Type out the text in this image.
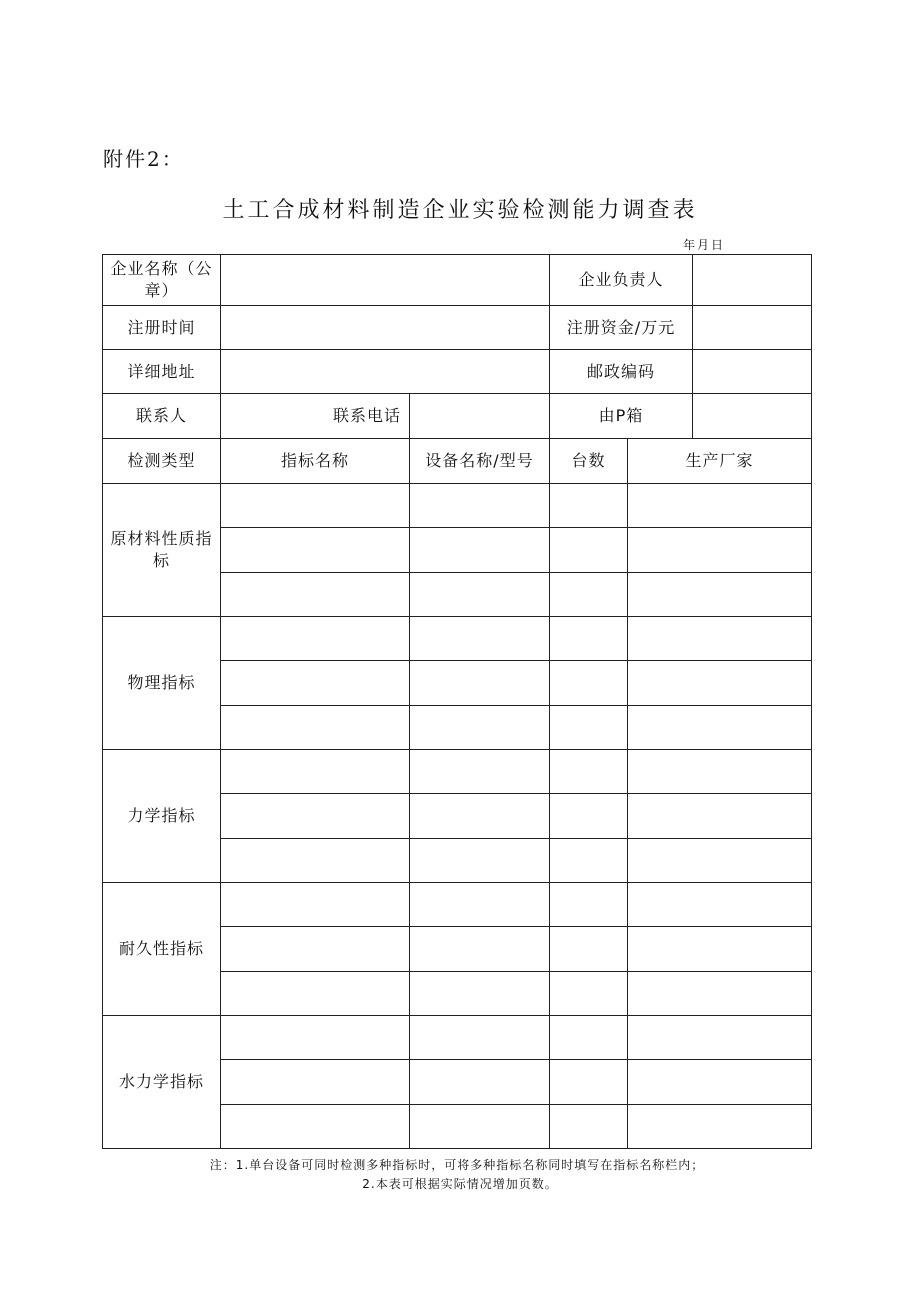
附件2：
土工合成材料制造企业实验检测能力调查表
年月日
企业名称（公章）			企业负责人		
注册时间			注册资金/万元		
详细地址			邮政编码		
联系人	联系电话		由P箱		
检测类型	指标名称	设备名称/型号	台数	生产厂家	
原材料性质指标					

物理指标					

力学指标					

耐久性指标					

水力学指标					

注：1.单台设备可同时检测多种指标时，可将多种指标名称同时填写在指标名称栏内；
2.本表可根据实际情况增加页数。
